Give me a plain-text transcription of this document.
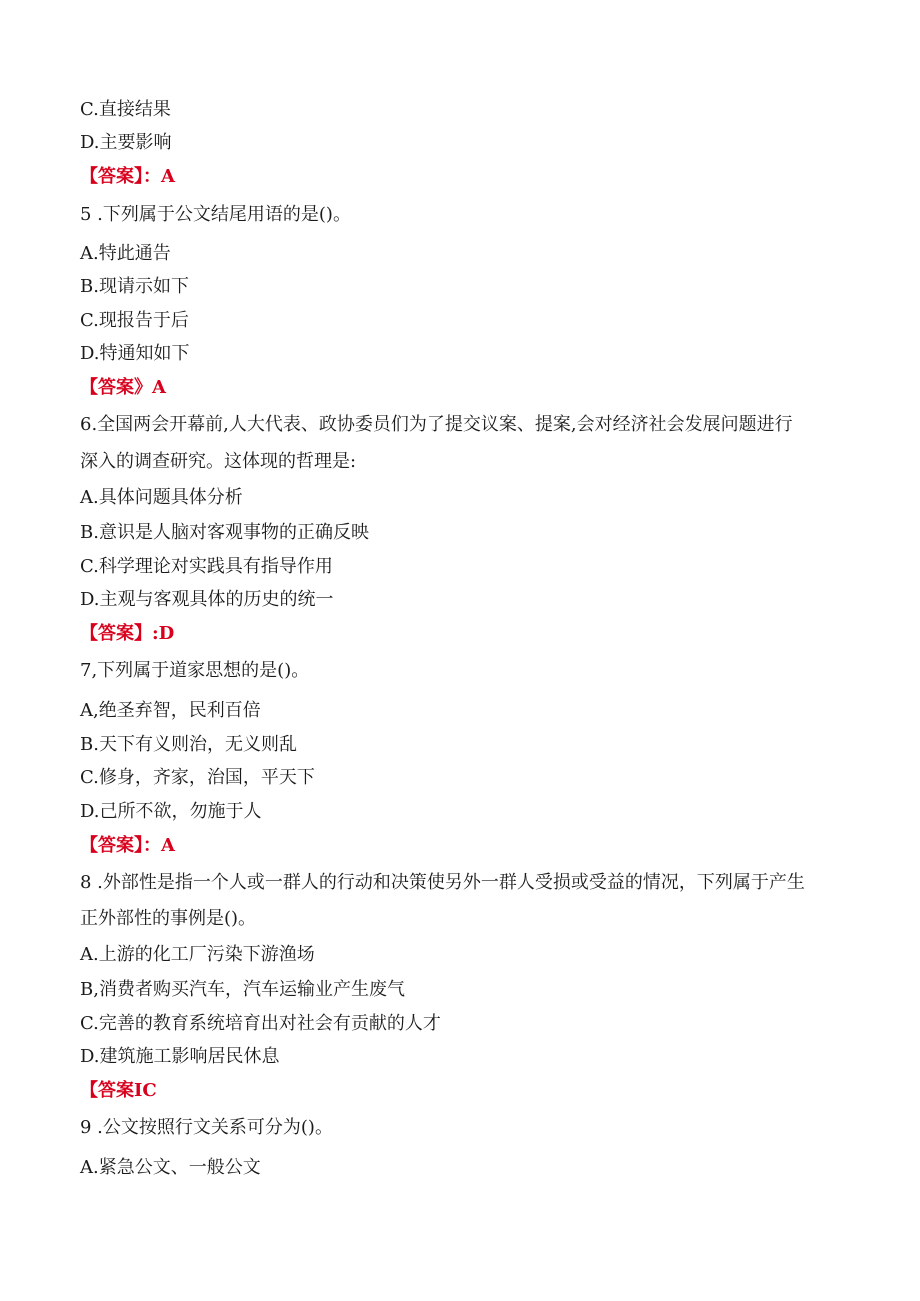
C.直接结果
D.主要影响
【答案】：A
5 .下列属于公文结尾用语的是()。
A.特此通告
B.现请示如下
C.现报告于后
D.特通知如下
【答案》A
6.全国两会开幕前,人大代表、政协委员们为了提交议案、提案,会对经济社会发展问题进行
深入的调查研究。这体现的哲理是:
A.具体问题具体分析
B.意识是人脑对客观事物的正确反映
C.科学理论对实践具有指导作用
D.主观与客观具体的历史的统一
【答案】:D
7,下列属于道家思想的是()。
A,绝圣弃智，民利百倍
B.天下有义则治，无义则乱
C.修身，齐家，治国，平天下
D.己所不欲，勿施于人
【答案】：A
8 .外部性是指一个人或一群人的行动和决策使另外一群人受损或受益的情况，下列属于产生
正外部性的事例是()。
A.上游的化工厂污染下游渔场
B,消费者购买汽车，汽车运输业产生废气
C.完善的教育系统培育出对社会有贡献的人才
D.建筑施工影响居民休息
【答案IC
9 .公文按照行文关系可分为()。
A.紧急公文、一般公文
